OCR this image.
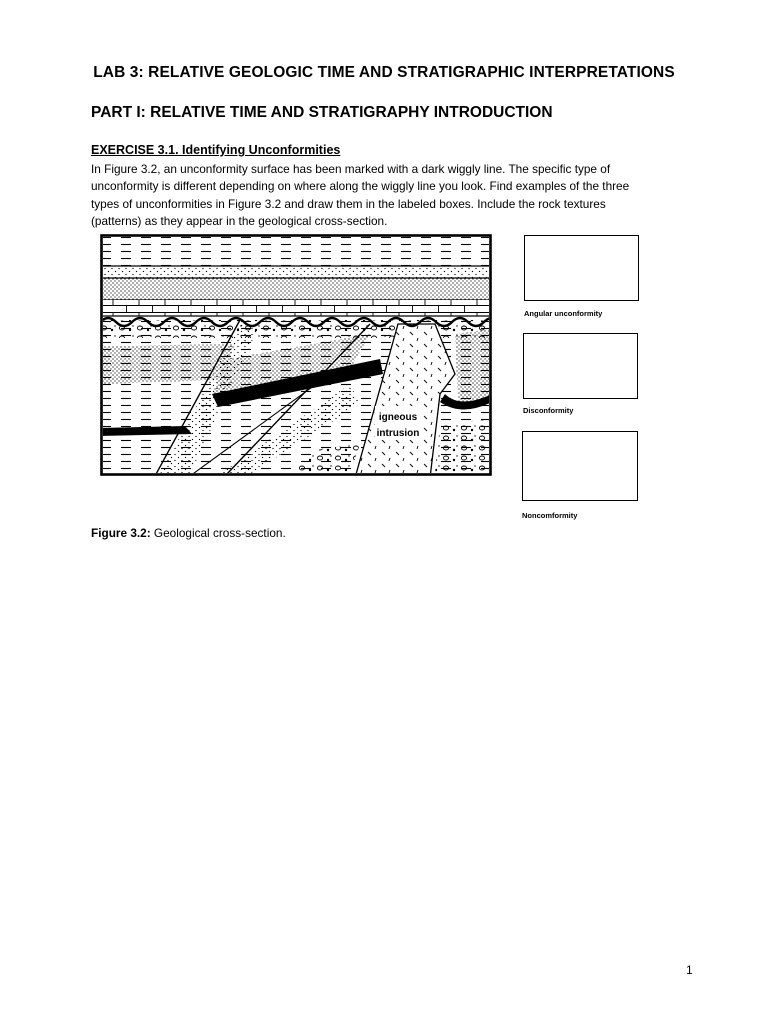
LAB 3: RELATIVE GEOLOGIC TIME AND STRATIGRAPHIC INTERPRETATIONS
PART I: RELATIVE TIME AND STRATIGRAPHY INTRODUCTION
EXERCISE 3.1. Identifying Unconformities

In Figure 3.2, an unconformity surface has been marked with a dark wiggly line. The specific type of

unconformity is different depending on where along the wiggly line you look. Find examples of the three

types of unconformities in Figure 3.2 and draw them in the labeled boxes. Include the rock textures

(patterns) as they appear in the geological cross-section.

igneous
intrusion
Angular unconformity
Disconformity
Noncomformity
Figure 3.2: Geological cross-section.
1
